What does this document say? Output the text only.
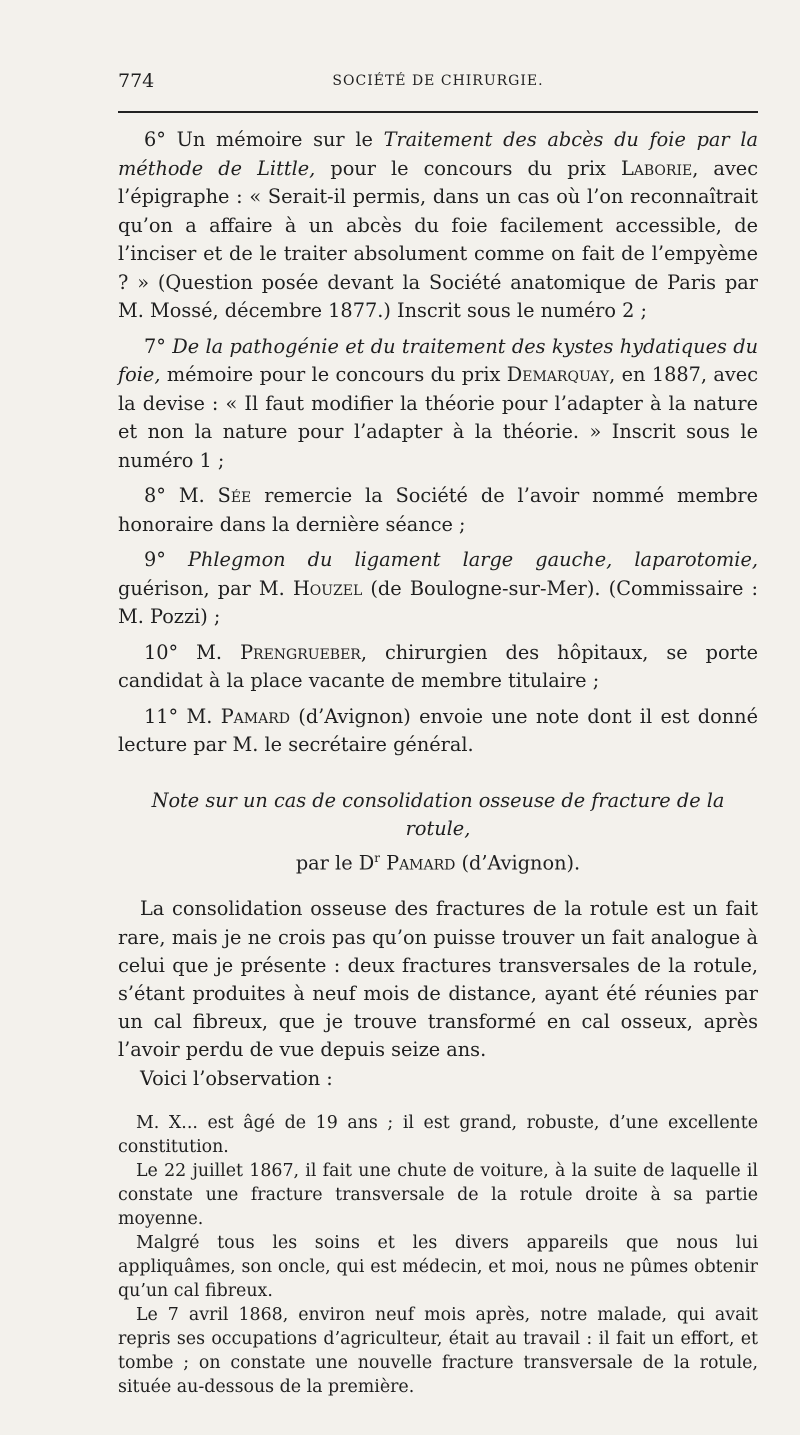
774	SOCIÉTÉ DE CHIRURGIE.

6° Un mémoire sur le Traitement des abcès du foie par la méthode de Little, pour le concours du prix Laborie, avec l’épigraphe : « Serait-il permis, dans un cas où l’on reconnaîtrait qu’on a affaire à un abcès du foie facilement accessible, de l’inciser et de le traiter absolument comme on fait de l’empyème ? » (Question posée devant la Société anatomique de Paris par M. Mossé, décembre 1877.) Inscrit sous le numéro 2 ;

7° De la pathogénie et du traitement des kystes hydatiques du foie, mémoire pour le concours du prix Demarquay, en 1887, avec la devise : « Il faut modifier la théorie pour l’adapter à la nature et non la nature pour l’adapter à la théorie. » Inscrit sous le numéro 1 ;

8° M. Sée remercie la Société de l’avoir nommé membre honoraire dans la dernière séance ;

9° Phlegmon du ligament large gauche, laparotomie, guérison, par M. Houzel (de Boulogne-sur-Mer). (Commissaire : M. Pozzi) ;

10° M. Prengrueber, chirurgien des hôpitaux, se porte candidat à la place vacante de membre titulaire ;

11° M. Pamard (d’Avignon) envoie une note dont il est donné lecture par M. le secrétaire général.

Note sur un cas de consolidation osseuse de fracture de la rotule,
par le $D^r$ Pamard (d’Avignon).

La consolidation osseuse des fractures de la rotule est un fait rare, mais je ne crois pas qu’on puisse trouver un fait analogue à celui que je présente : deux fractures transversales de la rotule, s’étant produites à neuf mois de distance, ayant été réunies par un cal fibreux, que je trouve transformé en cal osseux, après l’avoir perdu de vue depuis seize ans.

Voici l’observation :

M. X... est âgé de 19 ans ; il est grand, robuste, d’une excellente constitution.

Le 22 juillet 1867, il fait une chute de voiture, à la suite de laquelle il constate une fracture transversale de la rotule droite à sa partie moyenne.

Malgré tous les soins et les divers appareils que nous lui appliquâmes, son oncle, qui est médecin, et moi, nous ne pûmes obtenir qu’un cal fibreux.

Le 7 avril 1868, environ neuf mois après, notre malade, qui avait repris ses occupations d’agriculteur, était au travail : il fait un effort, et tombe ; on constate une nouvelle fracture transversale de la rotule, située au-dessous de la première.
